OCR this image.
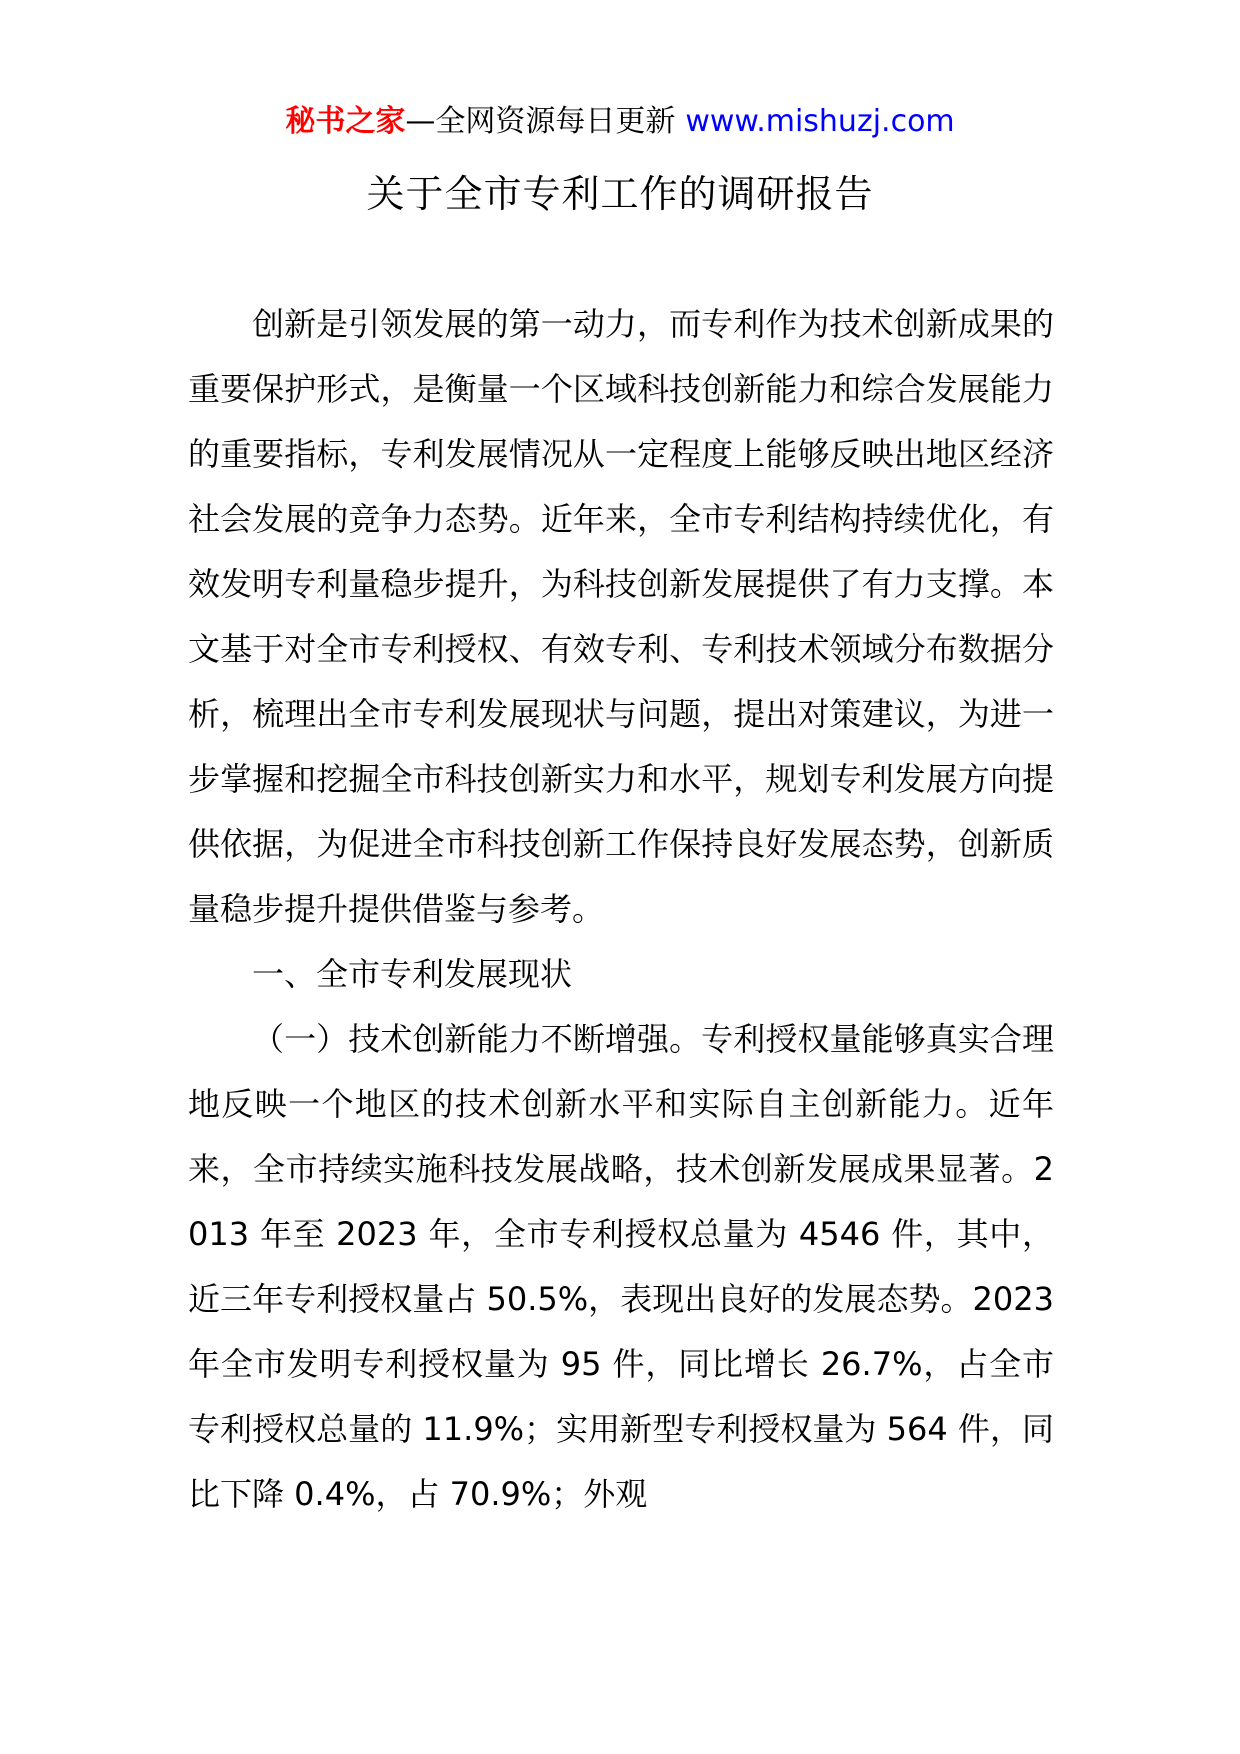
秘书之家—全网资源每日更新 www.mishuzj.com
关于全市专利工作的调研报告

创新是引领发展的第一动力，而专利作为技术创新成果的重要保护形式，是衡量一个区域科技创新能力和综合发展能力的重要指标，专利发展情况从一定程度上能够反映出地区经济社会发展的竞争力态势。近年来，全市专利结构持续优化，有效发明专利量稳步提升，为科技创新发展提供了有力支撑。本文基于对全市专利授权、有效专利、专利技术领域分布数据分析，梳理出全市专利发展现状与问题，提出对策建议，为进一步掌握和挖掘全市科技创新实力和水平，规划专利发展方向提供依据，为促进全市科技创新工作保持良好发展态势，创新质量稳步提升提供借鉴与参考。

一、全市专利发展现状

（一）技术创新能力不断增强。专利授权量能够真实合理地反映一个地区的技术创新水平和实际自主创新能力。近年来，全市持续实施科技发展战略，技术创新发展成果显著。2013 年至 2023 年，全市专利授权总量为 4546 件，其中，近三年专利授权量占 50.5%，表现出良好的发展态势。2023 年全市发明专利授权量为 95 件，同比增长 26.7%，占全市专利授权总量的 11.9%；实用新型专利授权量为 564 件，同比下降 0.4%，占 70.9%；外观
